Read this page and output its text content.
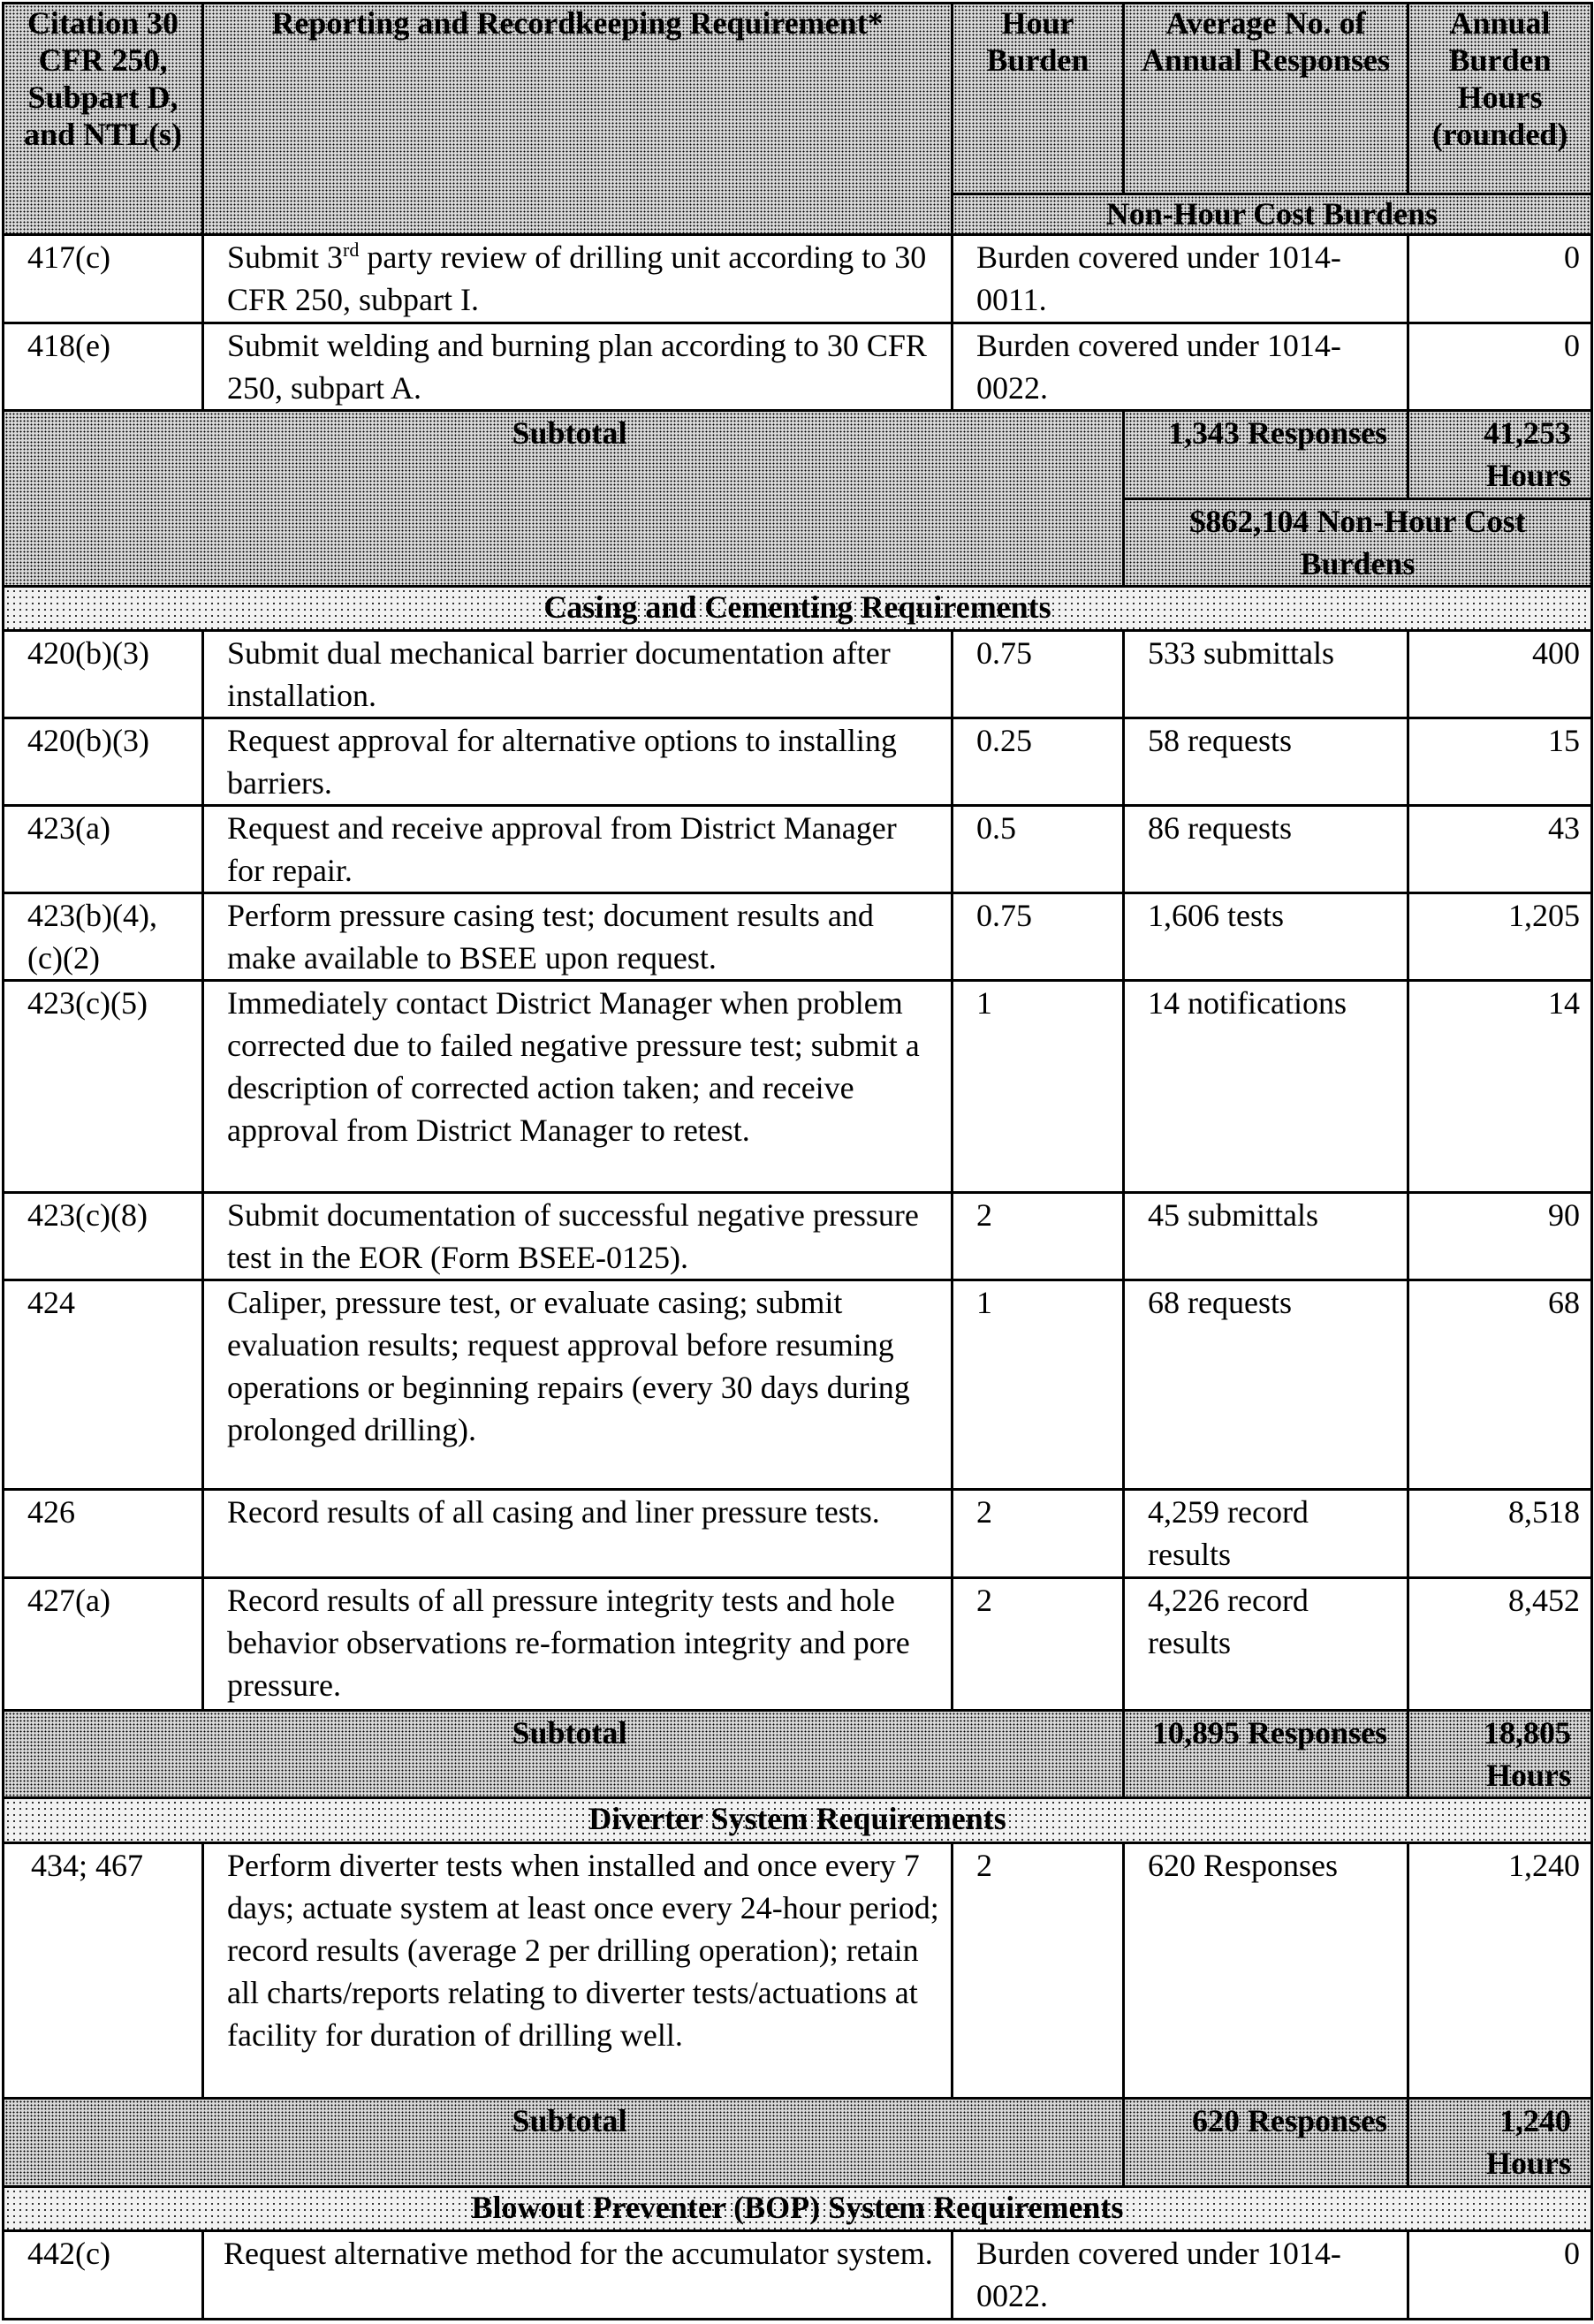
Citation 30 CFR 250, Subpart D, and NTL(s)	Reporting and Recordkeeping Requirement*	Hour Burden	Average No. of Annual Responses	Annual Burden Hours (rounded)

		Non-Hour Cost Burdens		

417(c)	Submit 3rd party review of drilling unit according to 30 CFR 250, subpart I.	Burden covered under 1014-0011.		0
418(e)	Submit welding and burning plan according to 30 CFR 250, subpart A.	Burden covered under 1014-0022.		0
Subtotal			1,343 Responses	41,253 Hours
			$862,104 Non-Hour Cost Burdens	
Casing and Cementing Requirements				
420(b)(3)	Submit dual mechanical barrier documentation after installation.	0.75	533 submittals	400
420(b)(3)	Request approval for alternative options to installing barriers.	0.25	58 requests	15
423(a)	Request and receive approval from District Manager for repair.	0.5	86 requests	43
423(b)(4), (c)(2)	Perform pressure casing test; document results and make available to BSEE upon request.	0.75	1,606 tests	1,205
423(c)(5)	Immediately contact District Manager when problem corrected due to failed negative pressure test; submit a description of corrected action taken; and receive approval from District Manager to retest.	1	14 notifications	14
423(c)(8)	Submit documentation of successful negative pressure test in the EOR (Form BSEE-0125).	2	45 submittals	90
424	Caliper, pressure test, or evaluate casing; submit evaluation results; request approval before resuming operations or beginning repairs (every 30 days during prolonged drilling).	1	68 requests	68
426	Record results of all casing and liner pressure tests.	2	4,259 record results	8,518
427(a)	Record results of all pressure integrity tests and hole behavior observations re-formation integrity and pore pressure.	2	4,226 record results	8,452
Subtotal			10,895 Responses	18,805 Hours
Diverter System Requirements				
434; 467	Perform diverter tests when installed and once every 7 days; actuate system at least once every 24-hour period; record results (average 2 per drilling operation); retain all charts/reports relating to diverter tests/actuations at facility for duration of drilling well.	2	620 Responses	1,240
Subtotal			620 Responses	1,240 Hours
Blowout Preventer (BOP) System Requirements				
442(c)	Request alternative method for the accumulator system.	Burden covered under 1014-0022.		0
